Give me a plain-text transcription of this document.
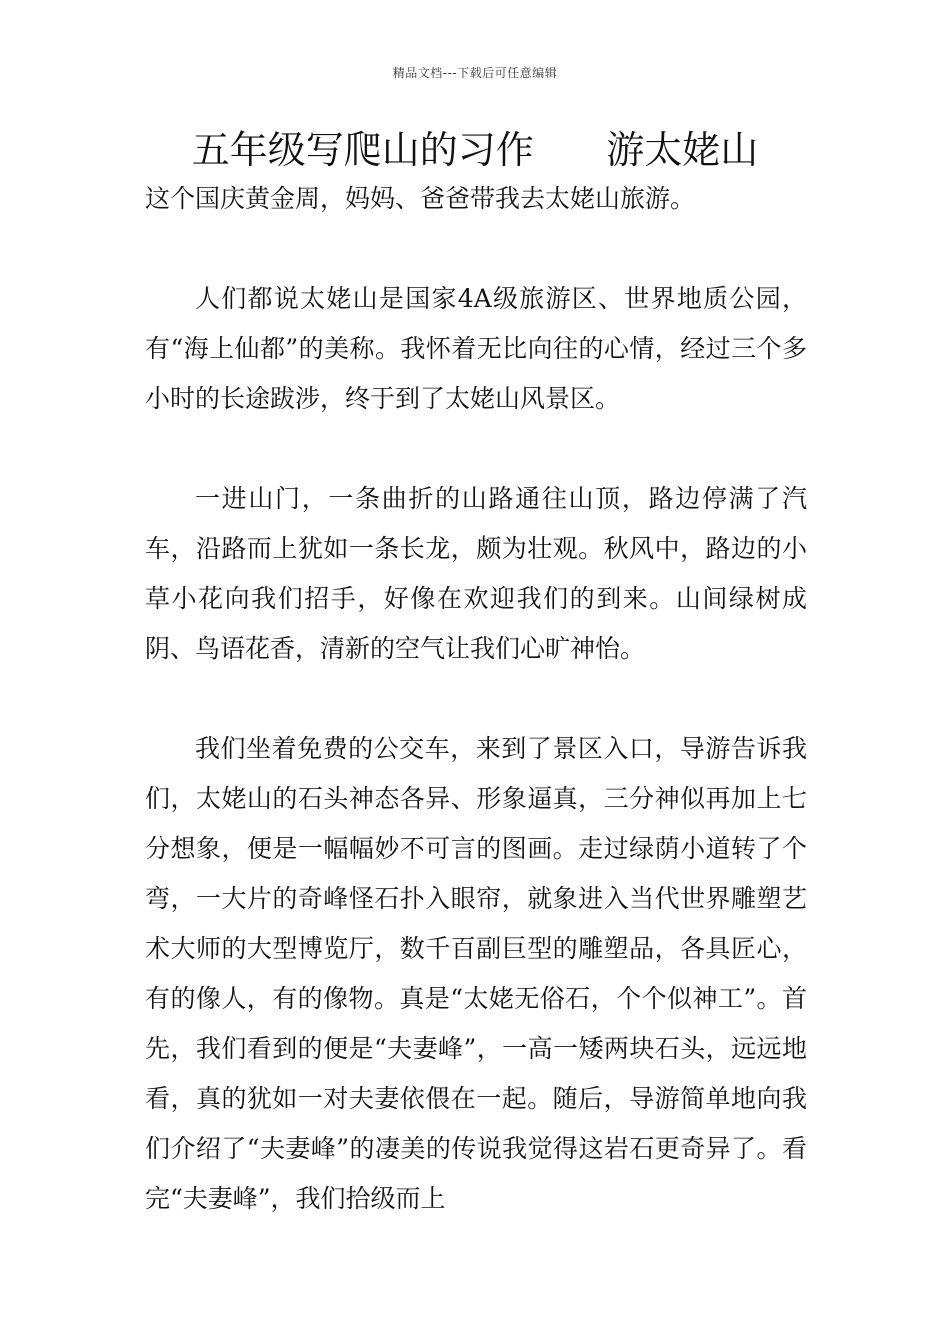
精品文档---下载后可任意编辑
五年级写爬山的习作      游太姥山

这个国庆黄金周，妈妈、爸爸带我去太姥山旅游。

人们都说太姥山是国家4A级旅游区、世界地质公园，有“海上仙都”的美称。我怀着无比向往的心情，经过三个多小时的长途跋涉，终于到了太姥山风景区。

一进山门，一条曲折的山路通往山顶，路边停满了汽车，沿路而上犹如一条长龙，颇为壮观。秋风中，路边的小草小花向我们招手，好像在欢迎我们的到来。山间绿树成阴、鸟语花香，清新的空气让我们心旷神怡。

我们坐着免费的公交车，来到了景区入口，导游告诉我们，太姥山的石头神态各异、形象逼真，三分神似再加上七分想象，便是一幅幅妙不可言的图画。走过绿荫小道转了个弯，一大片的奇峰怪石扑入眼帘，就象进入当代世界雕塑艺术大师的大型博览厅，数千百副巨型的雕塑品，各具匠心，有的像人，有的像物。真是“太姥无俗石，个个似神工”。首先，我们看到的便是“夫妻峰”，一高一矮两块石头，远远地看，真的犹如一对夫妻依偎在一起。随后，导游简单地向我们介绍了“夫妻峰”的凄美的传说我觉得这岩石更奇异了。看完“夫妻峰”，我们拾级而上
